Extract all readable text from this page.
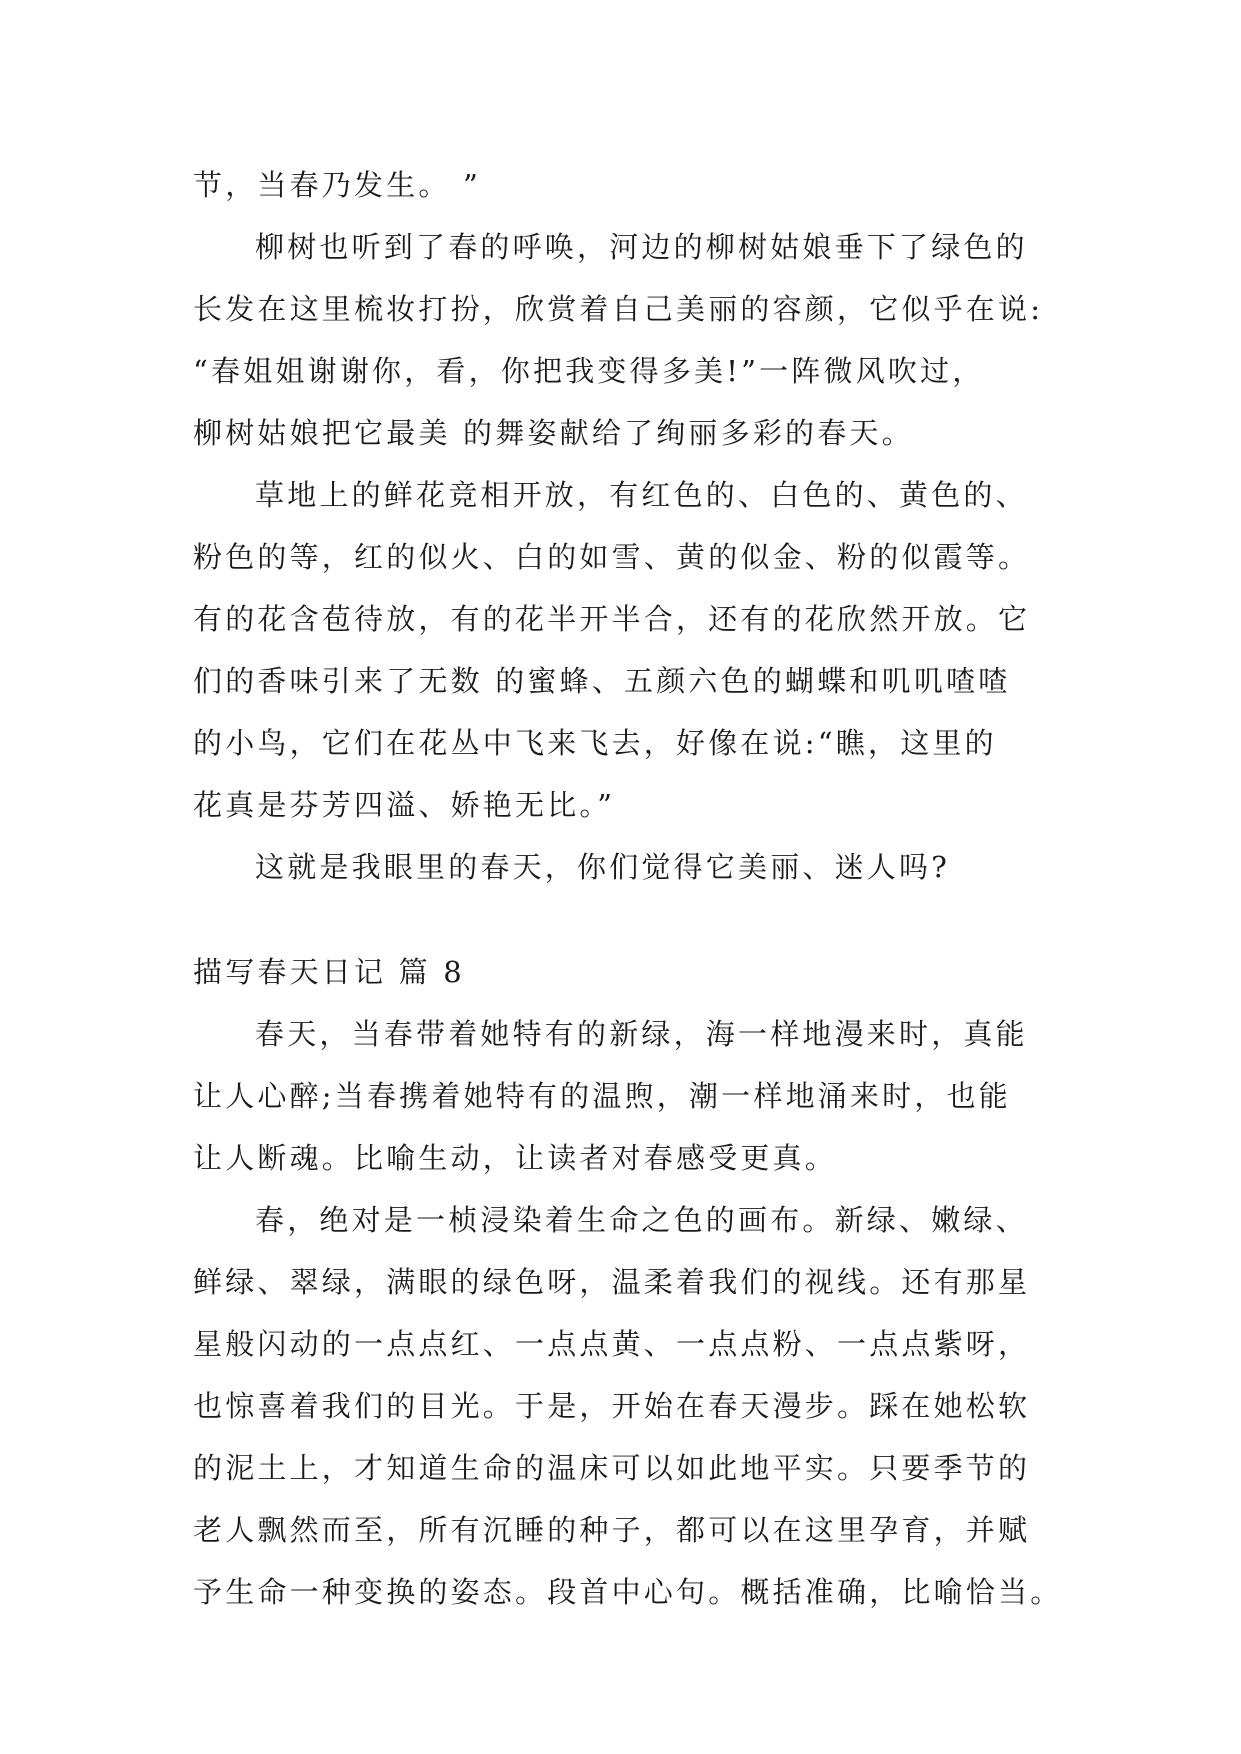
节，当春乃发生。 ”
柳树也听到了春的呼唤，河边的柳树姑娘垂下了绿色的
长发在这里梳妆打扮，欣赏着自己美丽的容颜，它似乎在说:
“春姐姐谢谢你，看，你把我变得多美!”一阵微风吹过，
柳树姑娘把它最美 的舞姿献给了绚丽多彩的春天。
草地上的鲜花竞相开放，有红色的、白色的、黄色的、
粉色的等，红的似火、白的如雪、黄的似金、粉的似霞等。
有的花含苞待放，有的花半开半合，还有的花欣然开放。它
们的香味引来了无数 的蜜蜂、五颜六色的蝴蝶和叽叽喳喳
的小鸟，它们在花丛中飞来飞去，好像在说:“瞧，这里的
花真是芬芳四溢、娇艳无比。”
这就是我眼里的春天，你们觉得它美丽、迷人吗?
描写春天日记 篇 8
春天，当春带着她特有的新绿，海一样地漫来时，真能
让人心醉;当春携着她特有的温煦，潮一样地涌来时，也能
让人断魂。比喻生动，让读者对春感受更真。
春，绝对是一桢浸染着生命之色的画布。新绿、嫩绿、
鲜绿、翠绿，满眼的绿色呀，温柔着我们的视线。还有那星
星般闪动的一点点红、一点点黄、一点点粉、一点点紫呀，
也惊喜着我们的目光。于是，开始在春天漫步。踩在她松软
的泥土上，才知道生命的温床可以如此地平实。只要季节的
老人飘然而至，所有沉睡的种子，都可以在这里孕育，并赋
予生命一种变换的姿态。段首中心句。概括准确，比喻恰当。
